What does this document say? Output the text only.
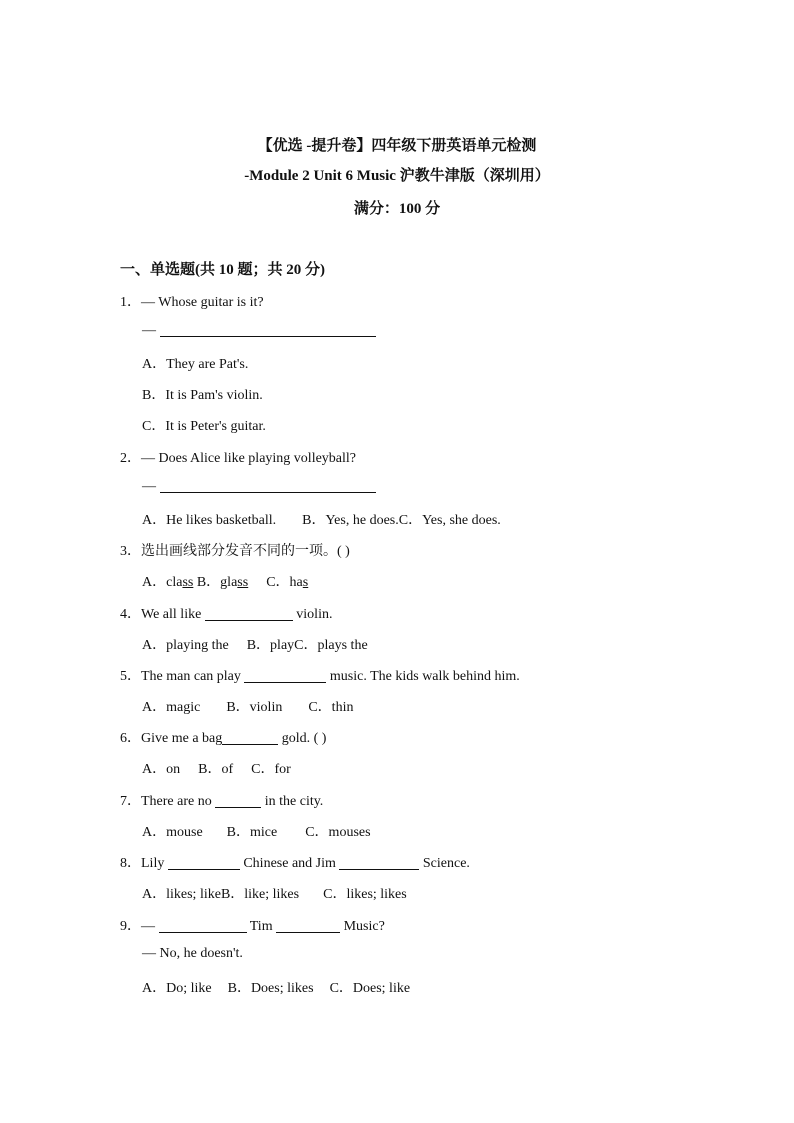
【优选 -提升卷】四年级下册英语单元检测
-Module 2 Unit 6 Music 沪教牛津版（深圳用）
满分：100 分
一、单选题(共 10 题；共 20 分)
1．— Whose guitar is it?
—
A．They are Pat's.
B．It is Pam's violin.
C．It is Peter's guitar.
2．— Does Alice like playing volleyball?
—
A．He likes basketball. B．Yes, he does.C．Yes, she does.
3．选出画线部分发音不同的一项。( )
A．class B．glass C．has
4．We all like	violin.
A．playing the B．playC．plays the
5．The man can play	music. The kids walk behind him.
A．magic B．violin C．thin
6．Give me a bag	gold. ( )
A．on B．of C．for
7．There are no	in the city.
A．mouse B．mice C．mouses
8．Lily	Chinese and Jim	Science.
A．likes; likeB．like; likes C．likes; likes
9．—	Tim	Music?
— No, he doesn't.
A．Do; like B．Does; likes C．Does; like
